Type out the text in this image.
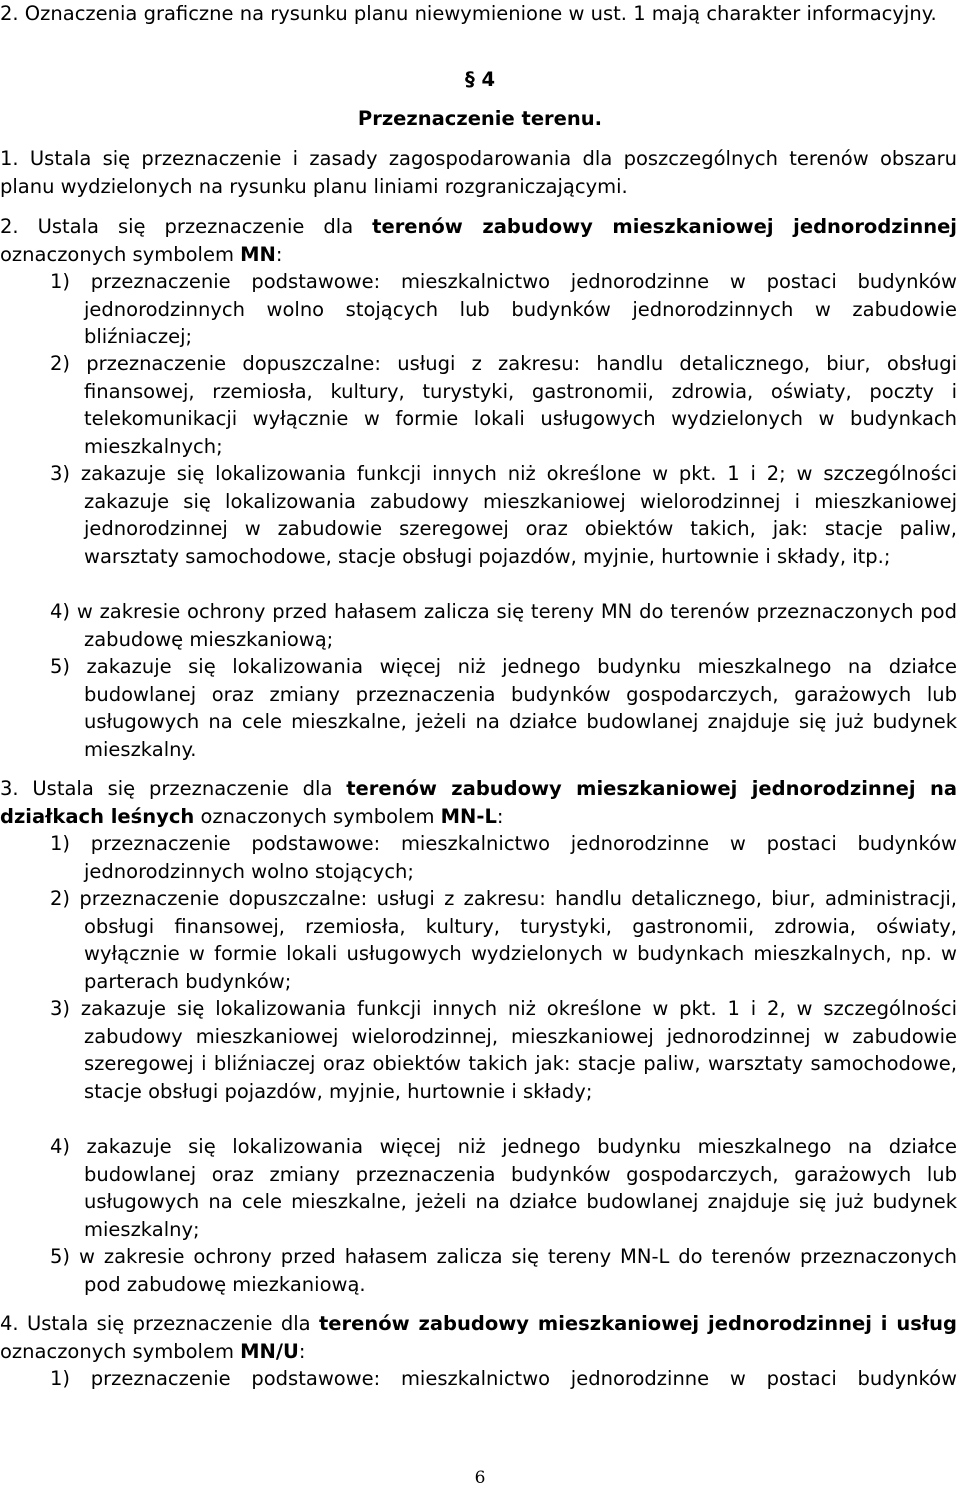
2. Oznaczenia graficzne na rysunku planu niewymienione w ust. 1 mają charakter informacyjny.

§ 4
Przeznaczenie terenu.

1. Ustala się przeznaczenie i zasady zagospodarowania dla poszczególnych terenów obszaru planu wydzielonych na rysunku planu liniami rozgraniczającymi.

2. Ustala się przeznaczenie dla terenów zabudowy mieszkaniowej jednorodzinnej oznaczonych symbolem MN:

1) przeznaczenie podstawowe: mieszkalnictwo jednorodzinne w postaci budynków jednorodzinnych wolno stojących lub budynków jednorodzinnych w zabudowie bliźniaczej;

2) przeznaczenie dopuszczalne: usługi z zakresu: handlu detalicznego, biur, obsługi finansowej, rzemiosła, kultury, turystyki, gastronomii, zdrowia, oświaty, poczty i telekomunikacji wyłącznie w formie lokali usługowych wydzielonych w budynkach mieszkalnych;

3) zakazuje się lokalizowania funkcji innych niż określone w pkt. 1 i 2; w szczególności zakazuje się lokalizowania zabudowy mieszkaniowej wielorodzinnej i mieszkaniowej jednorodzinnej w zabudowie szeregowej oraz obiektów takich, jak: stacje paliw, warsztaty samochodowe, stacje obsługi pojazdów, myjnie, hurtownie i składy, itp.;

4) w zakresie ochrony przed hałasem zalicza się tereny MN do terenów przeznaczonych pod zabudowę mieszkaniową;

5) zakazuje się lokalizowania więcej niż jednego budynku mieszkalnego na działce budowlanej oraz zmiany przeznaczenia budynków gospodarczych, garażowych lub usługowych na cele mieszkalne, jeżeli na działce budowlanej znajduje się już budynek mieszkalny.

3. Ustala się przeznaczenie dla terenów zabudowy mieszkaniowej jednorodzinnej na działkach leśnych oznaczonych symbolem MN-L:

1) przeznaczenie podstawowe: mieszkalnictwo jednorodzinne w postaci budynków jednorodzinnych wolno stojących;

2) przeznaczenie dopuszczalne: usługi z zakresu: handlu detalicznego, biur, administracji, obsługi finansowej, rzemiosła, kultury, turystyki, gastronomii, zdrowia, oświaty, wyłącznie w formie lokali usługowych wydzielonych w budynkach mieszkalnych, np. w parterach budynków;

3) zakazuje się lokalizowania funkcji innych niż określone w pkt. 1 i 2, w szczególności zabudowy mieszkaniowej wielorodzinnej, mieszkaniowej jednorodzinnej w zabudowie szeregowej i bliźniaczej oraz obiektów takich jak: stacje paliw, warsztaty samochodowe, stacje obsługi pojazdów, myjnie, hurtownie i składy;

4) zakazuje się lokalizowania więcej niż jednego budynku mieszkalnego na działce budowlanej oraz zmiany przeznaczenia budynków gospodarczych, garażowych lub usługowych na cele mieszkalne, jeżeli na działce budowlanej znajduje się już budynek mieszkalny;

5) w zakresie ochrony przed hałasem zalicza się tereny MN-L do terenów przeznaczonych pod zabudowę miezkaniową.

4. Ustala się przeznaczenie dla terenów zabudowy mieszkaniowej jednorodzinnej i usług oznaczonych symbolem MN/U:

1) przeznaczenie podstawowe: mieszkalnictwo jednorodzinne w postaci budynków

6
